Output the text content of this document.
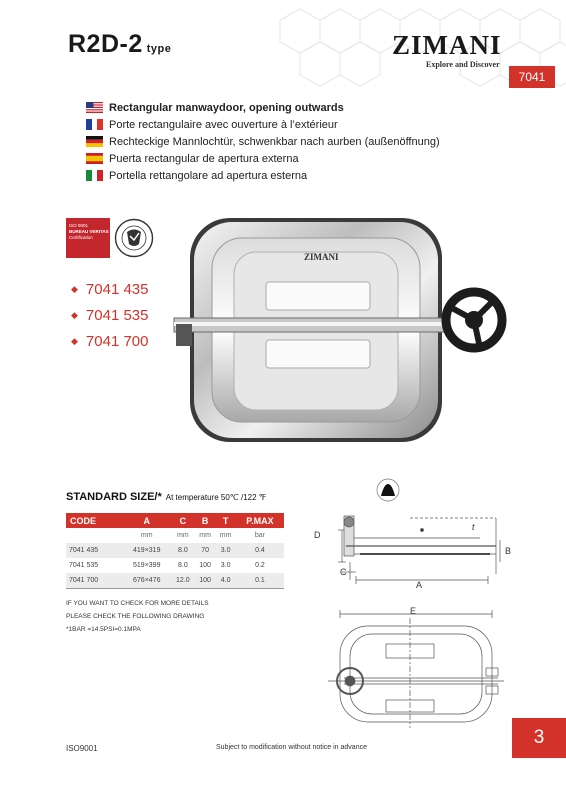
R2D-2 type	ZIMANI
Explore and Discover
7041
Rectangular manwaydoor, opening outwards
Porte rectangulaire avec ouverture à l’extérieur
Rechteckige Mannlochtür, schwenkbar nach aurben (außenöffnung)
Puerta rectangular de apertura externa
Portella rettangolare ad apertura esterna
ISO 9001
BUREAU VERITAS
Certification
◆ 7041 435
◆ 7041 535
◆ 7041 700
ZIMANI
STANDARD SIZE/* At temperature 50℃ /122 ℉
CODE	A	C	B	T	P.MAX
	mm	mm	mm	mm	bar
7041 435	419×319	8.0	70	3.0	0.4
7041 535	519×399	8.0	100	3.0	0.2
7041 700	676×476	12.0	100	4.0	0.1
IF YOU WANT TO CHECK FOR MORE DETAILS
PLEASE CHECK THE FOLLOWING DRAWING
*1BAR =14.5PSI=0.1MPA
D
B
t
C
A
E
3
ISO9001	Subject to modification without notice in advance
